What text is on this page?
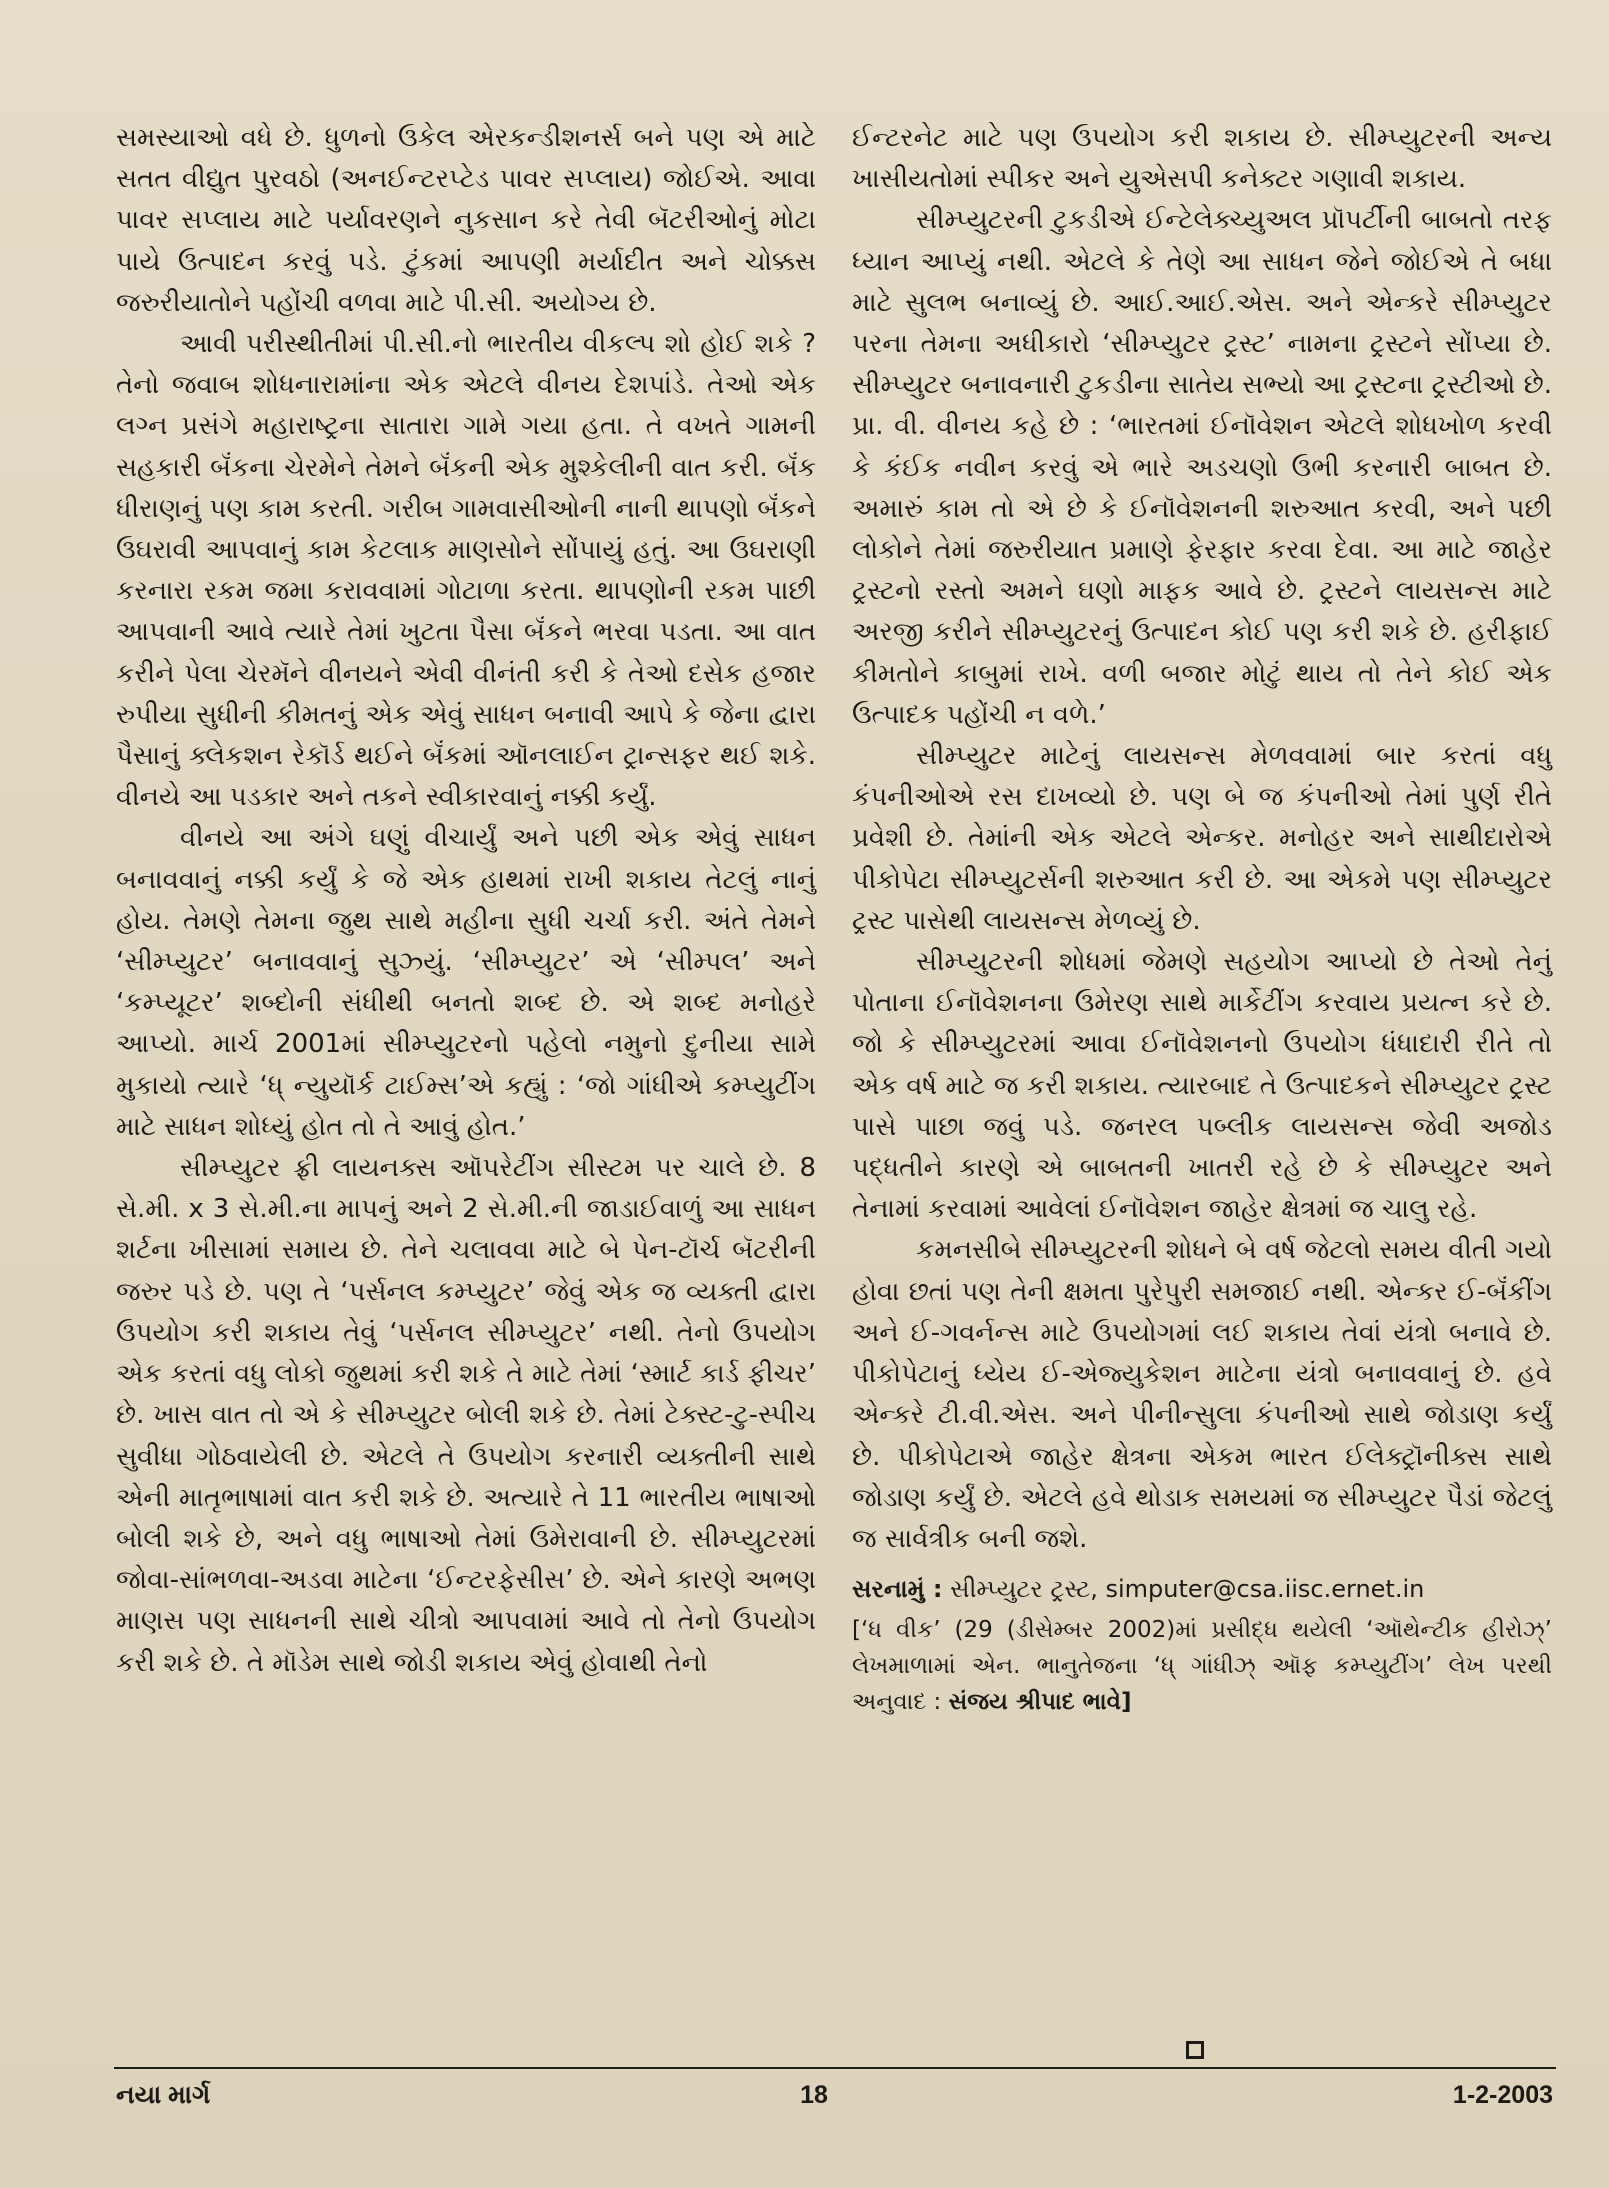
સમસ્યાઓ વધે છે. ધુળનો ઉકેલ એરકન્ડીશનર્સ બને પણ એ માટે સતત વીદ્યુત પુરવઠો (અનઈન્ટરપ્ટેડ પાવર સપ્લાય) જોઈએ. આવા પાવર સપ્લાય માટે પર્યાવરણને નુકસાન કરે તેવી બૅટરીઓનું મોટા પાયે ઉત્પાદન કરવું પડે. ટુંકમાં આપણી મર્યાદીત અને ચોક્કસ જરુરીયાતોને પહોંચી વળવા માટે પી.સી. અયોગ્ય છે.

આવી પરીસ્થીતીમાં પી.સી.નો ભારતીય વીકલ્પ શો હોઈ શકે ? તેનો જવાબ શોધનારામાંના એક એટલે વીનય દેશપાંડે. તેઓ એક લગ્ન પ્રસંગે મહારાષ્ટ્રના સાતારા ગામે ગયા હતા. તે વખતે ગામની સહકારી બૅંકના ચેરમેને તેમને બૅંકની એક મુશ્કેલીની વાત કરી. બૅંક ધીરાણનું પણ કામ કરતી. ગરીબ ગામવાસીઓની નાની થાપણો બૅંકને ઉઘરાવી આપવાનું કામ કેટલાક માણસોને સોંપાયું હતું. આ ઉઘરાણી કરનારા રકમ જમા કરાવવામાં ગોટાળા કરતા. થાપણોની રકમ પાછી આપવાની આવે ત્યારે તેમાં ખુટતા પૈસા બૅંકને ભરવા પડતા. આ વાત કરીને પેલા ચેરમૅને વીનયને એવી વીનંતી કરી કે તેઓ દસેક હજાર રુપીયા સુધીની કીમતનું એક એવું સાધન બનાવી આપે કે જેના દ્વારા પૈસાનું ક્લેકશન રેકૉર્ડ થઈને બૅંકમાં ઑનલાઈન ટ્રાન્સફર થઈ શકે. વીનયે આ પડકાર અને તકને સ્વીકારવાનું નક્કી કર્યું.

વીનયે આ અંગે ઘણું વીચાર્યું અને પછી એક એવું સાધન બનાવવાનું નક્કી કર્યું કે જે એક હાથમાં રાખી શકાય તેટલું નાનું હોય. તેમણે તેમના જુથ સાથે મહીના સુધી ચર્ચા કરી. અંતે તેમને ‘સીમ્પ્યુટર’ બનાવવાનું સુઝ્યું. ‘સીમ્પ્યુટર’ એ ‘સીમ્પલ’ અને ‘કમ્પ્યૂટર’ શબ્દોની સંધીથી બનતો શબ્દ છે. એ શબ્દ મનોહરે આપ્યો. માર્ચ 2001માં સીમ્પ્યુટરનો પહેલો નમુનો દુનીયા સામે મુકાયો ત્યારે ‘ધ્ ન્યુયૉર્ક ટાઈમ્સ’એ કહ્યું : ‘જો ગાંધીએ કમ્પ્યુટીંગ માટે સાધન શોધ્યું હોત તો તે આવું હોત.’

સીમ્પ્યુટર ફ્રી લાયનક્સ ઑપરેટીંગ સીસ્ટમ પર ચાલે છે. 8 સે.મી. x 3 સે.મી.ના માપનું અને 2 સે.મી.ની જાડાઈવાળું આ સાધન શર્ટના ખીસામાં સમાય છે. તેને ચલાવવા માટે બે પેન-ટૉર્ચ બૅટરીની જરુર પડે છે. પણ તે ‘પર્સનલ કમ્પ્યુટર’ જેવું એક જ વ્યક્તી દ્વારા ઉપયોગ કરી શકાય તેવું ‘પર્સનલ સીમ્પ્યુટર’ નથી. તેનો ઉપયોગ એક કરતાં વધુ લોકો જુથમાં કરી શકે તે માટે તેમાં ‘સ્માર્ટ કાર્ડ ફીચર’ છે. ખાસ વાત તો એ કે સીમ્પ્યુટર બોલી શકે છે. તેમાં ટેક્સ્ટ-ટુ-સ્પીચ સુવીધા ગોઠવાયેલી છે. એટલે તે ઉપયોગ કરનારી વ્યક્તીની સાથે એની માતૃભાષામાં વાત કરી શકે છે. અત્યારે તે 11 ભારતીય ભાષાઓ બોલી શકે છે, અને વધુ ભાષાઓ તેમાં ઉમેરાવાની છે. સીમ્પ્યુટરમાં જોવા-સાંભળવા-અડવા માટેના ‘ઈન્ટરફેસીસ’ છે. એને કારણે અભણ માણસ પણ સાધનની સાથે ચીત્રો આપવામાં આવે તો તેનો ઉપયોગ કરી શકે છે. તે મૉડેમ સાથે જોડી શકાય એવું હોવાથી તેનો

ઈન્ટરનેટ માટે પણ ઉપયોગ કરી શકાય છે. સીમ્પ્યુટરની અન્ય ખાસીયતોમાં સ્પીકર અને યુએસપી કનેક્ટર ગણાવી શકાય.

સીમ્પ્યુટરની ટુકડીએ ઈન્ટેલેક્ચ્યુઅલ પ્રૉપર્ટીની બાબતો તરફ ધ્યાન આપ્યું નથી. એટલે કે તેણે આ સાધન જેને જોઈએ તે બધા માટે સુલભ બનાવ્યું છે. આઈ.આઈ.એસ. અને એન્કરે સીમ્પ્યુટર પરના તેમના અધીકારો ‘સીમ્પ્યુટર ટ્રસ્ટ’ નામના ટ્રસ્ટને સોંપ્યા છે. સીમ્પ્યુટર બનાવનારી ટુકડીના સાતેય સભ્યો આ ટ્રસ્ટના ટ્રસ્ટીઓ છે. પ્રા. વી. વીનય કહે છે : ‘ભારતમાં ઈનૉવેશન એટલે શોધખોળ કરવી કે કંઈક નવીન કરવું એ ભારે અડચણો ઉભી કરનારી બાબત છે. અમારું કામ તો એ છે કે ઈનૉવેશનની શરુઆત કરવી, અને પછી લોકોને તેમાં જરુરીયાત પ્રમાણે ફેરફાર કરવા દેવા. આ માટે જાહેર ટ્રસ્ટનો રસ્તો અમને ઘણો માફક આવે છે. ટ્રસ્ટને લાયસન્સ માટે અરજી કરીને સીમ્પ્યુટરનું ઉત્પાદન કોઈ પણ કરી શકે છે. હરીફાઈ કીમતોને કાબુમાં રાખે. વળી બજાર મોટું થાય તો તેને કોઈ એક ઉત્પાદક પહોંચી ન વળે.’

સીમ્પ્યુટર માટેનું લાયસન્સ મેળવવામાં બાર કરતાં વધુ કંપનીઓએ રસ દાખવ્યો છે. પણ બે જ કંપનીઓ તેમાં પુર્ણ રીતે પ્રવેશી છે. તેમાંની એક એટલે એન્કર. મનોહર અને સાથીદારોએ પીકોપેટા સીમ્પ્યુટર્સની શરુઆત કરી છે. આ એકમે પણ સીમ્પ્યુટર ટ્રસ્ટ પાસેથી લાયસન્સ મેળવ્યું છે.

સીમ્પ્યુટરની શોધમાં જેમણે સહયોગ આપ્યો છે તેઓ તેનું પોતાના ઈનૉવેશનના ઉમેરણ સાથે માર્કેટીંગ કરવાય પ્રયત્ન કરે છે. જો કે સીમ્પ્યુટરમાં આવા ઈનૉવેશનનો ઉપયોગ ધંધાદારી રીતે તો એક વર્ષ માટે જ કરી શકાય. ત્યારબાદ તે ઉત્પાદકને સીમ્પ્યુટર ટ્રસ્ટ પાસે પાછા જવું પડે. જનરલ પબ્લીક લાયસન્સ જેવી અજોડ પદ્ધતીને કારણે એ બાબતની ખાતરી રહે છે કે સીમ્પ્યુટર અને તેનામાં કરવામાં આવેલાં ઈનૉવેશન જાહેર ક્ષેત્રમાં જ ચાલુ રહે.

કમનસીબે સીમ્પ્યુટરની શોધને બે વર્ષ જેટલો સમય વીતી ગયો હોવા છતાં પણ તેની ક્ષમતા પુરેપુરી સમજાઈ નથી. એન્કર ઈ-બૅંકીંગ અને ઈ-ગવર્નન્સ માટે ઉપયોગમાં લઈ શકાય તેવાં યંત્રો બનાવે છે. પીકોપેટાનું ધ્યેય ઈ-એજ્યુકેશન માટેના યંત્રો બનાવવાનું છે. હવે એન્કરે ટી.વી.એસ. અને પીનીન્સુલા કંપનીઓ સાથે જોડાણ કર્યું છે. પીકોપેટાએ જાહેર ક્ષેત્રના એકમ ભારત ઈલેક્ટ્રૉનીક્સ સાથે જોડાણ કર્યું છે. એટલે હવે થોડાક સમયમાં જ સીમ્પ્યુટર પૈડાં જેટલું જ સાર્વત્રીક બની જશે.

સરનામું : સીમ્પ્યુટર ટ્રસ્ટ, simputer@csa.iisc.ernet.in

[‘ધ વીક’ (29 (ડીસેમ્બર 2002)માં પ્રસીદ્ધ થયેલી ‘ઑથેન્ટીક હીરોઝ્’ લેખમાળામાં એન. ભાનુતેજના ‘ધ્ ગાંધીઝ્ ઑફ કમ્પ્યુટીંગ’ લેખ પરથી અનુવાદ : સંજય શ્રીપાદ ભાવે]

નયા માર્ગ	18	1-2-2003
